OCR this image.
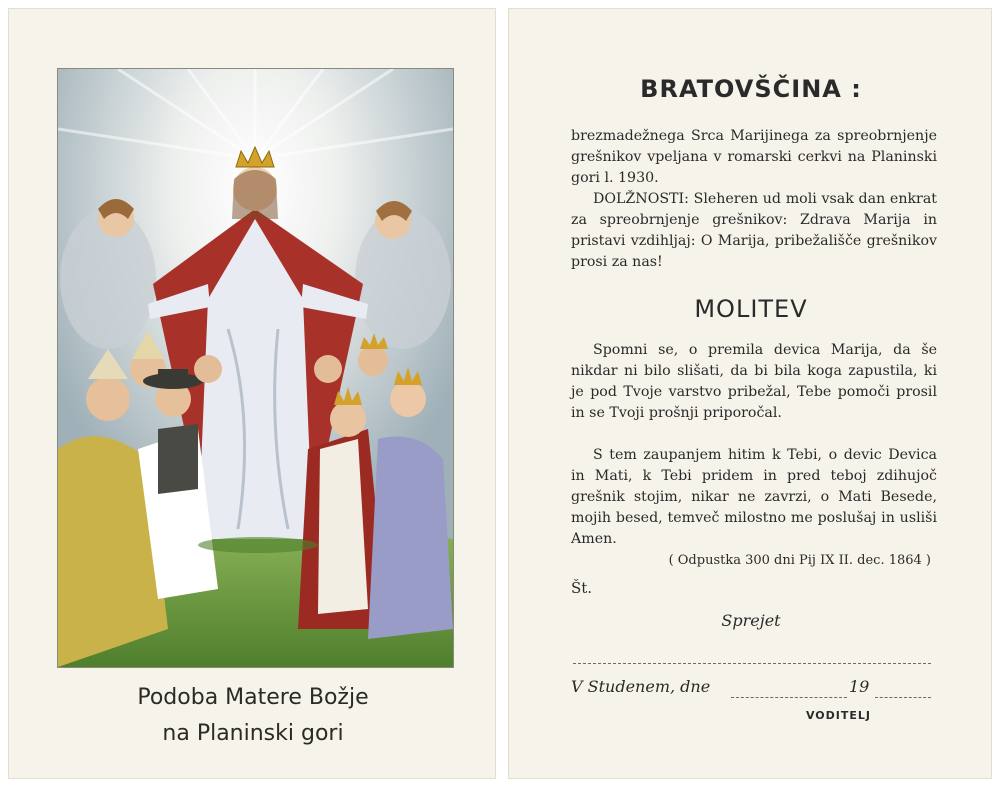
Podoba Matere Božje
na Planinski gori
BRATOVŠČINA :

brezmadežnega Srca Marijinega za spreobrnjenje grešnikov vpeljana v romarski cerkvi na Planinski gori l. 1930.

DOLŽNOSTI: Sleheren ud moli vsak dan enkrat za spreobrnjenje grešnikov: Zdrava Marija in pristavi vzdihljaj: O Marija, pribežališče grešnikov prosi za nas!

MOLITEV

Spomni se, o premila devica Marija, da še nikdar ni bilo slišati, da bi bila koga zapustila, ki je pod Tvoje varstvo pribežal, Tebe pomoči prosil in se Tvoji prošnji priporočal.

S tem zaupanjem hitim k Tebi, o devic Devica in Mati, k Tebi pridem in pred teboj zdihujoč grešnik stojim, nikar ne zavrzi, o Mati Besede, mojih besed, temveč milostno me poslušaj in usliši Amen.

( Odpustka 300 dni Pij IX II. dec. 1864 )
Št.
Sprejet
V Studenem, dne	19
VODITELJ
